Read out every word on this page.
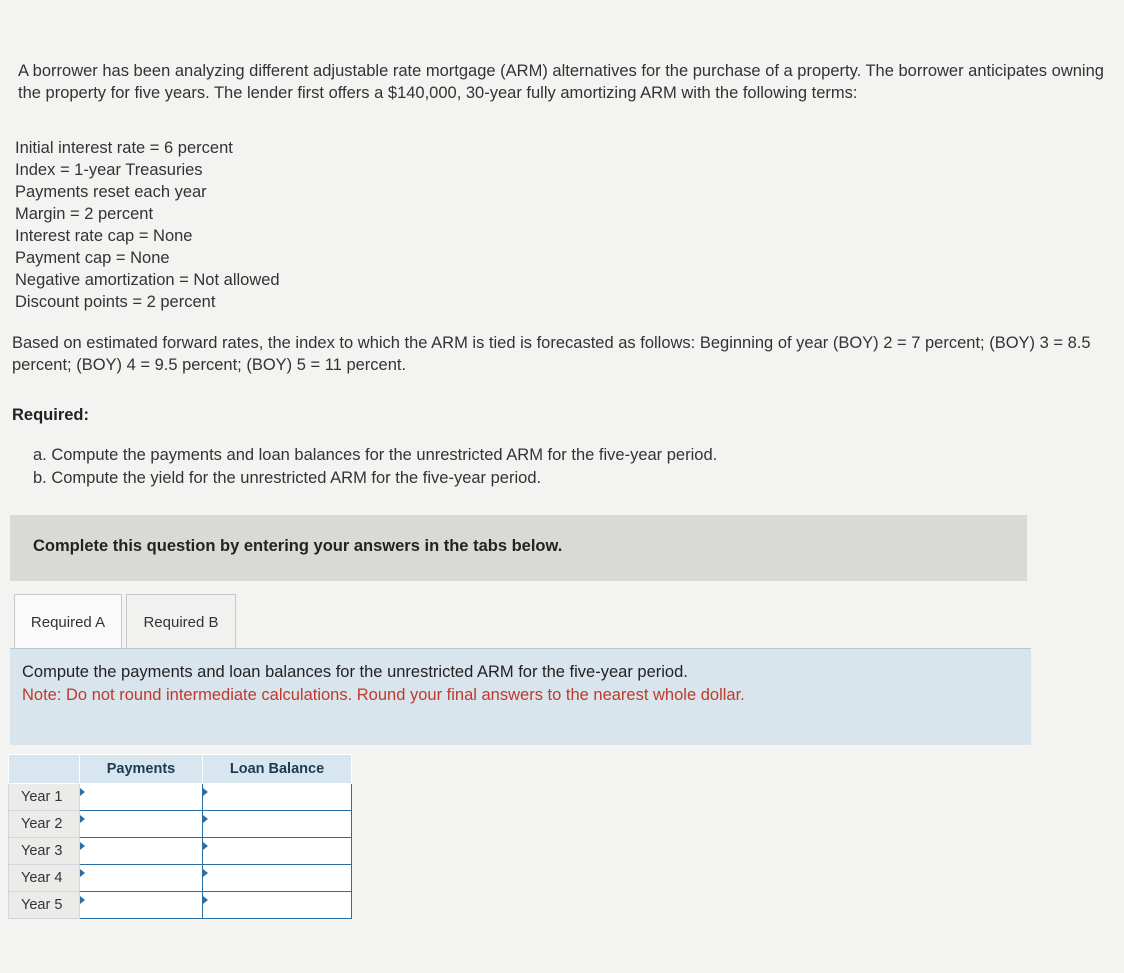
A borrower has been analyzing different adjustable rate mortgage (ARM) alternatives for the purchase of a property. The borrower anticipates owning the property for five years. The lender first offers a $140,000, 30-year fully amortizing ARM with the following terms:
Initial interest rate = 6 percent
Index = 1-year Treasuries
Payments reset each year
Margin = 2 percent
Interest rate cap = None
Payment cap = None
Negative amortization = Not allowed
Discount points = 2 percent
Based on estimated forward rates, the index to which the ARM is tied is forecasted as follows: Beginning of year (BOY) 2 = 7 percent; (BOY) 3 = 8.5 percent; (BOY) 4 = 9.5 percent; (BOY) 5 = 11 percent.
Required:
a. Compute the payments and loan balances for the unrestricted ARM for the five-year period.
b. Compute the yield for the unrestricted ARM for the five-year period.
Complete this question by entering your answers in the tabs below.
Required A	Required B
Compute the payments and loan balances for the unrestricted ARM for the five-year period.
Note: Do not round intermediate calculations. Round your final answers to the nearest whole dollar.
	Payments	Loan Balance
Year 1	

Year 2	

Year 3	

Year 4	

Year 5	
